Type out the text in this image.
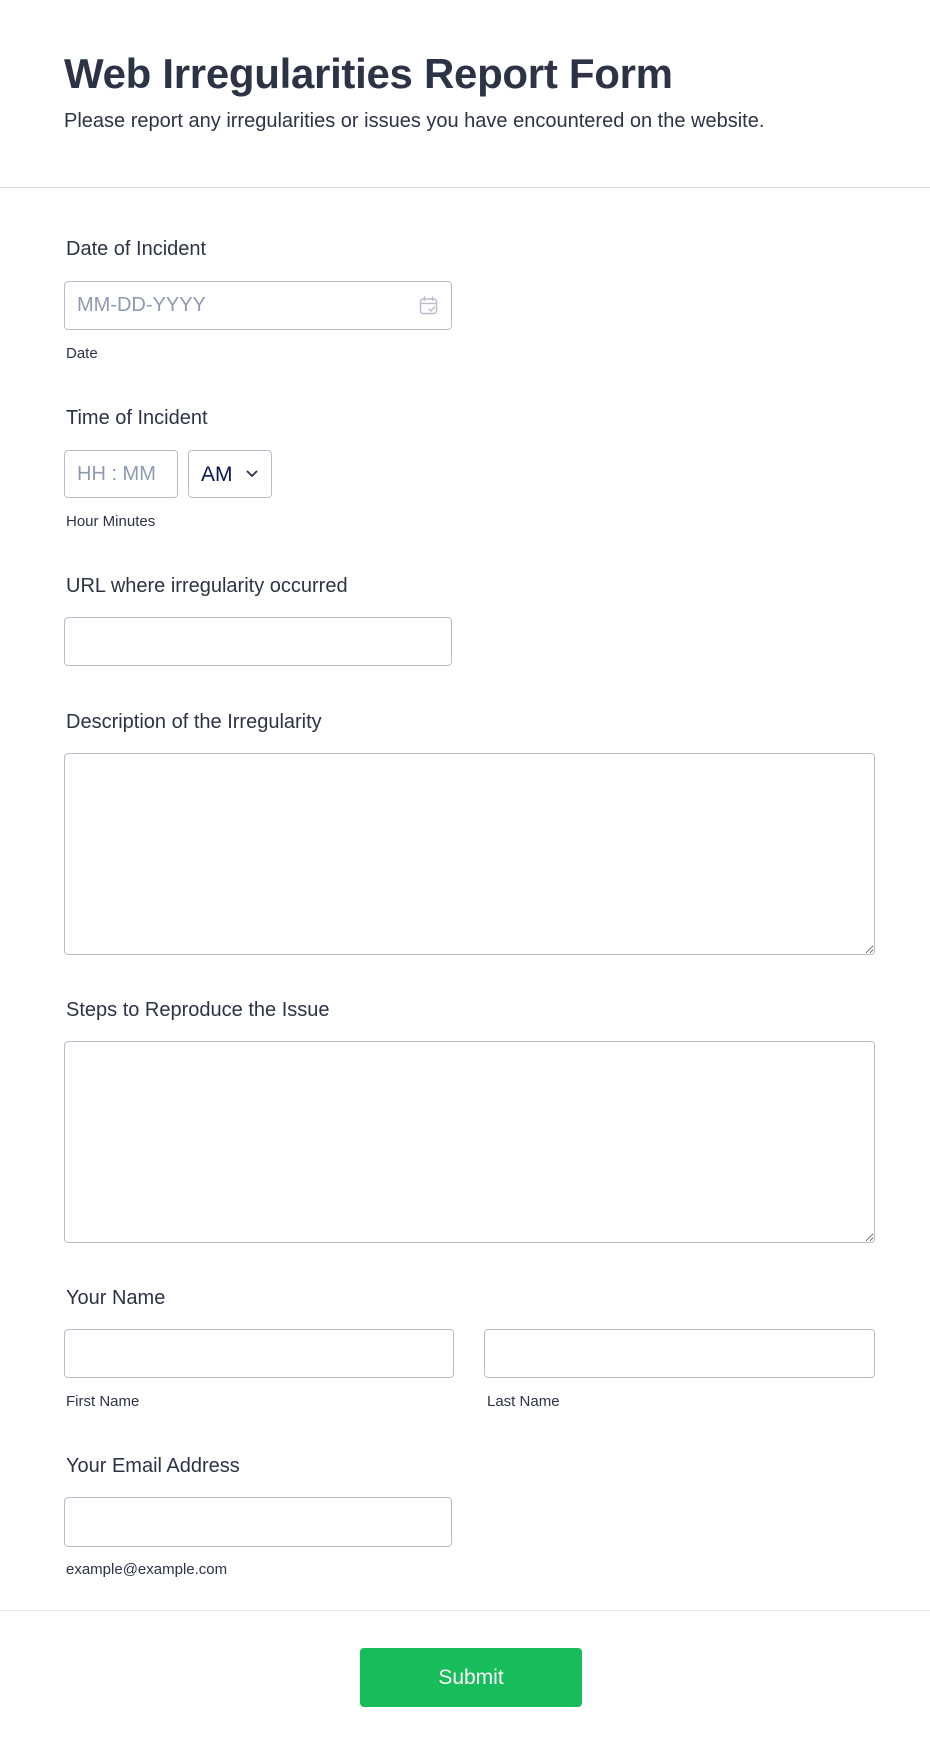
Web Irregularities Report Form
Please report any irregularities or issues you have encountered on the website.
Date of Incident
MM-DD-YYYY
Date
Time of Incident
HH : MM
AM
Hour Minutes
URL where irregularity occurred
Description of the Irregularity
Steps to Reproduce the Issue
Your Name
First Name	Last Name
Your Email Address
example@example.com
Submit
